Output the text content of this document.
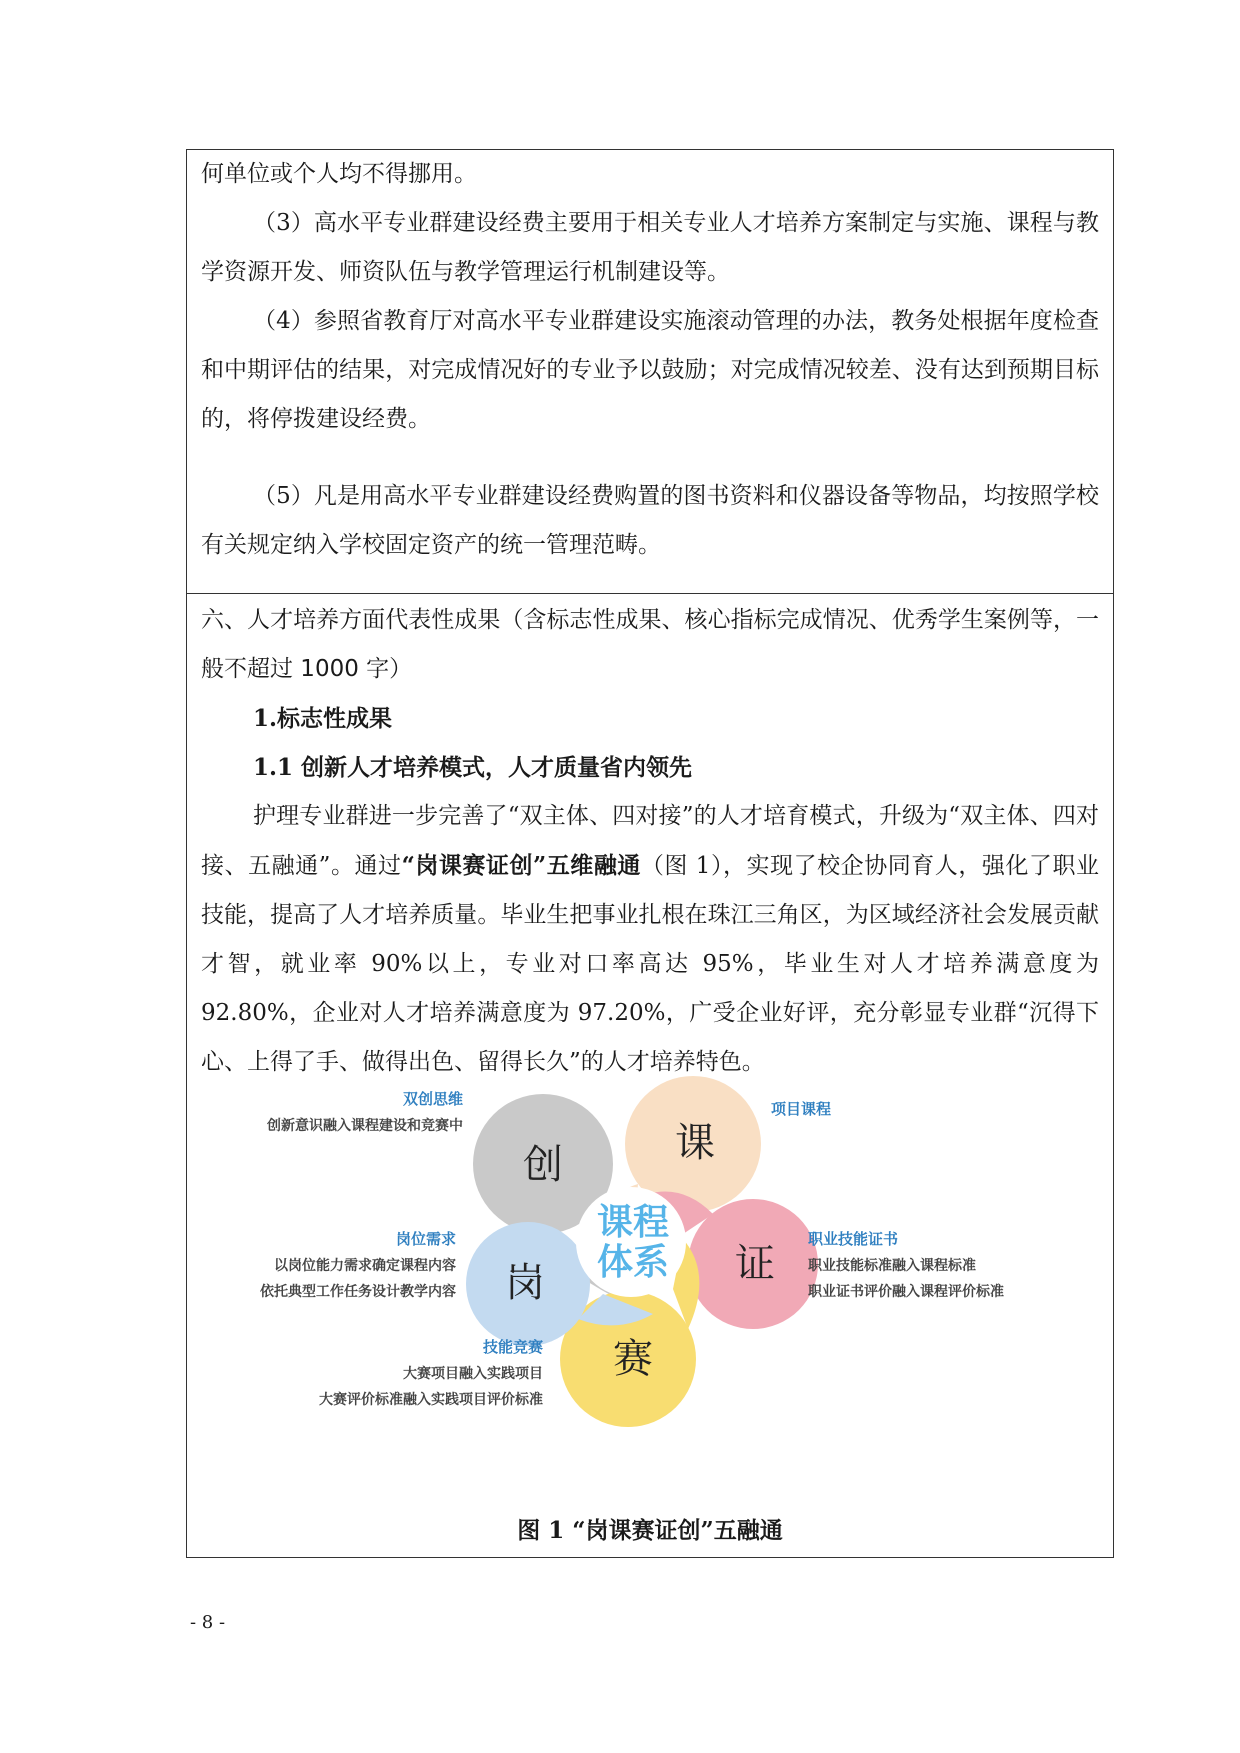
何单位或个人均不得挪用。

（3）高水平专业群建设经费主要用于相关专业人才培养方案制定与实施、课程与教学资源开发、师资队伍与教学管理运行机制建设等。

（4）参照省教育厅对高水平专业群建设实施滚动管理的办法，教务处根据年度检查和中期评估的结果，对完成情况好的专业予以鼓励；对完成情况较差、没有达到预期目标的，将停拨建设经费。

（5）凡是用高水平专业群建设经费购置的图书资料和仪器设备等物品，均按照学校有关规定纳入学校固定资产的统一管理范畴。

六、人才培养方面代表性成果（含标志性成果、核心指标完成情况、优秀学生案例等，一般不超过 1000 字）

1.标志性成果

1.1 创新人才培养模式，人才质量省内领先

护理专业群进一步完善了“双主体、四对接”的人才培育模式，升级为“双主体、四对接、五融通”。通过“岗课赛证创”五维融通（图 1），实现了校企协同育人，强化了职业技能，提高了人才培养质量。毕业生把事业扎根在珠江三角区，为区域经济社会发展贡献才智，就业率 90%以上，专业对口率高达 95%，毕业生对人才培养满意度为 92.80%，企业对人才培养满意度为 97.20%，广受企业好评，充分彰显专业群“沉得下心、上得了手、做得出色、留得长久”的人才培养特色。

创	课
证
赛
岗
课程
体系
双创思维
创新意识融入课程建设和竞赛中
项目课程
职业技能证书
职业技能标准融入课程标准
职业证书评价融入课程评价标准
岗位需求
以岗位能力需求确定课程内容
依托典型工作任务设计教学内容
技能竞赛
大赛项目融入实践项目
大赛评价标准融入实践项目评价标准
图 1 “岗课赛证创”五融通
- 8 -
